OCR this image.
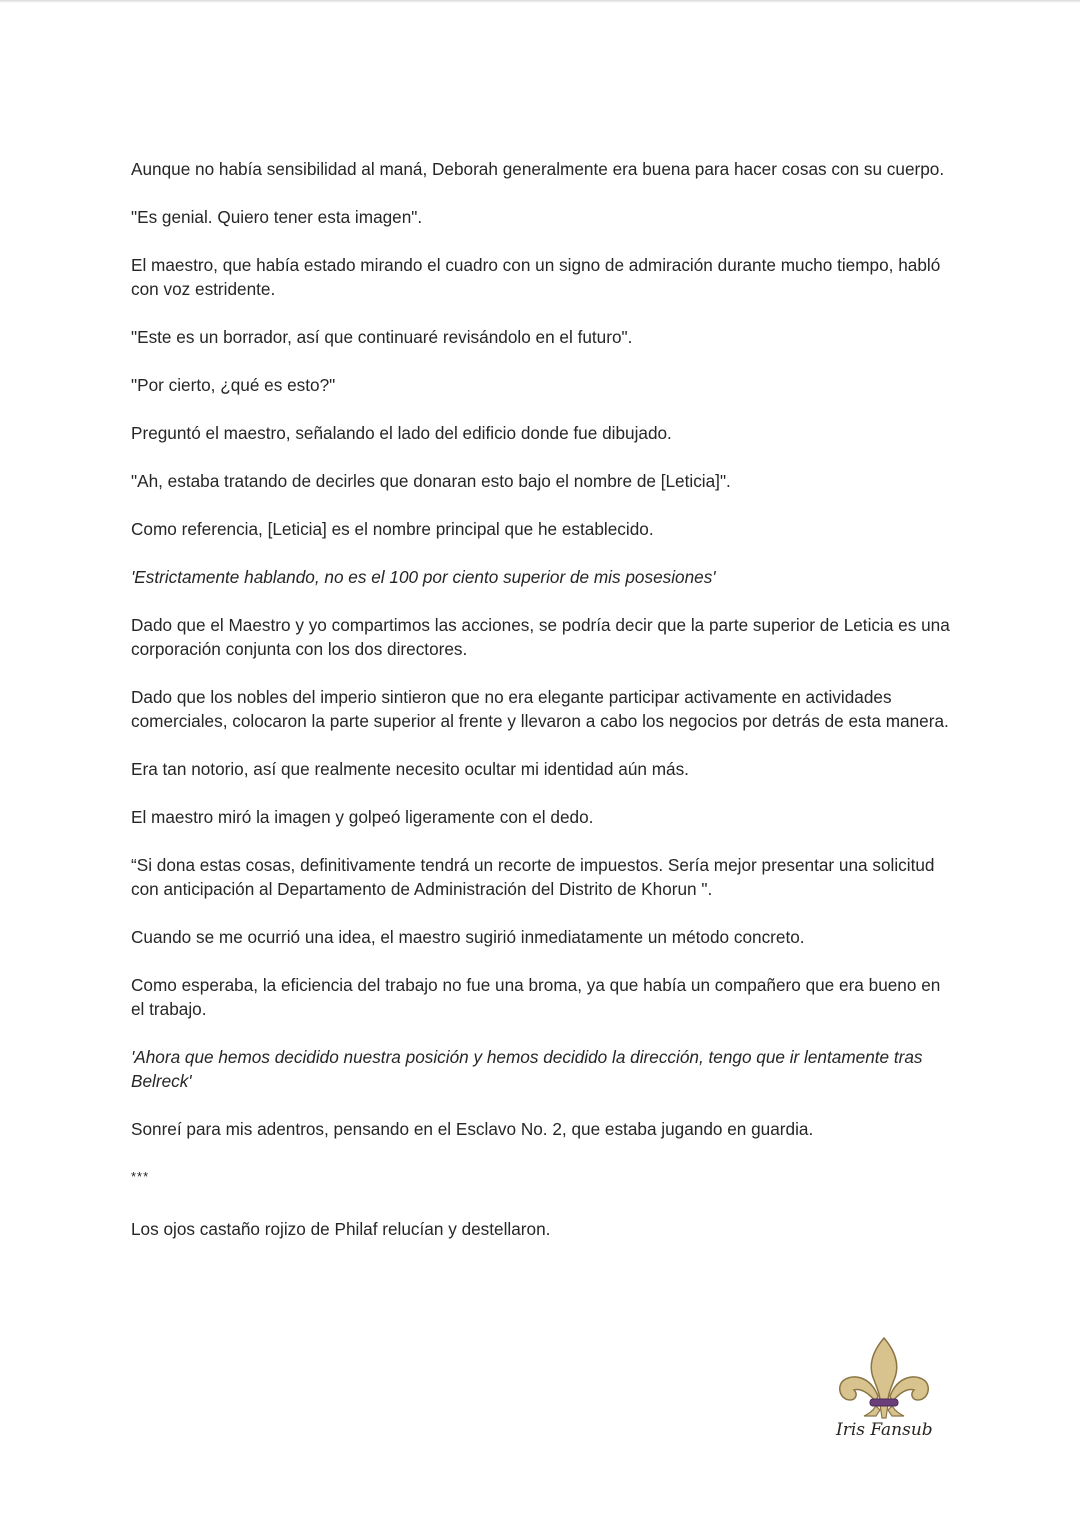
Aunque no había sensibilidad al maná, Deborah generalmente era buena para hacer cosas con su cuerpo.

"Es genial. Quiero tener esta imagen".

El maestro, que había estado mirando el cuadro con un signo de admiración durante mucho tiempo, habló con voz estridente.

"Este es un borrador, así que continuaré revisándolo en el futuro".

"Por cierto, ¿qué es esto?"

Preguntó el maestro, señalando el lado del edificio donde fue dibujado.

"Ah, estaba tratando de decirles que donaran esto bajo el nombre de [Leticia]".

Como referencia, [Leticia] es el nombre principal que he establecido.

'Estrictamente hablando, no es el 100 por ciento superior de mis posesiones'

Dado que el Maestro y yo compartimos las acciones, se podría decir que la parte superior de Leticia es una corporación conjunta con los dos directores.

Dado que los nobles del imperio sintieron que no era elegante participar activamente en actividades comerciales, colocaron la parte superior al frente y llevaron a cabo los negocios por detrás de esta manera.

Era tan notorio, así que realmente necesito ocultar mi identidad aún más.

El maestro miró la imagen y golpeó ligeramente con el dedo.

“Si dona estas cosas, definitivamente tendrá un recorte de impuestos. Sería mejor presentar una solicitud con anticipación al Departamento de Administración del Distrito de Khorun ".

Cuando se me ocurrió una idea, el maestro sugirió inmediatamente un método concreto.

Como esperaba, la eficiencia del trabajo no fue una broma, ya que había un compañero que era bueno en el trabajo.

'Ahora que hemos decidido nuestra posición y hemos decidido la dirección, tengo que ir lentamente tras Belreck'

Sonreí para mis adentros, pensando en el Esclavo No. 2, que estaba jugando en guardia.

***

Los ojos castaño rojizo de Philaf relucían y destellaron.

Iris Fansub
